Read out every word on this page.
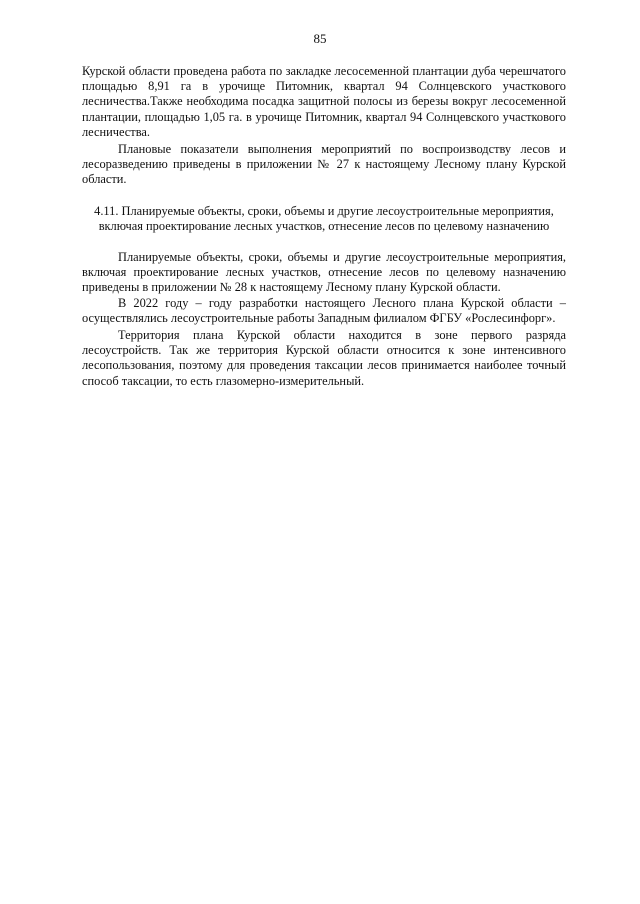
85

Курской области проведена работа по закладке лесосеменной плантации дуба черешчатого площадью 8,91 га в урочище Питомник, квартал 94 Солнцевского участкового лесничества.Также необходима посадка защитной полосы из березы вокруг лесосеменной плантации, площадью 1,05 га. в урочище Питомник, квартал 94 Солнцевского участкового лесничества.

Плановые показатели выполнения мероприятий по воспроизводству лесов и лесоразведению приведены в приложении № 27 к настоящему Лесному плану Курской области.

4.11. Планируемые объекты, сроки, объемы и другие лесоустроительные мероприятия, включая проектирование лесных участков, отнесение лесов по целевому назначению

Планируемые объекты, сроки, объемы и другие лесоустроительные мероприятия, включая проектирование лесных участков, отнесение лесов по целевому назначению приведены в приложении № 28 к настоящему Лесному плану Курской области.

В 2022 году – году разработки настоящего Лесного плана Курской области – осуществлялись лесоустроительные работы Западным филиалом ФГБУ «Рослесинфорг».

Территория плана Курской области находится в зоне первого разряда лесоустройств. Так же территория Курской области относится к зоне интенсивного лесопользования, поэтому для проведения таксации лесов принимается наиболее точный способ таксации, то есть глазомерно-измерительный.
